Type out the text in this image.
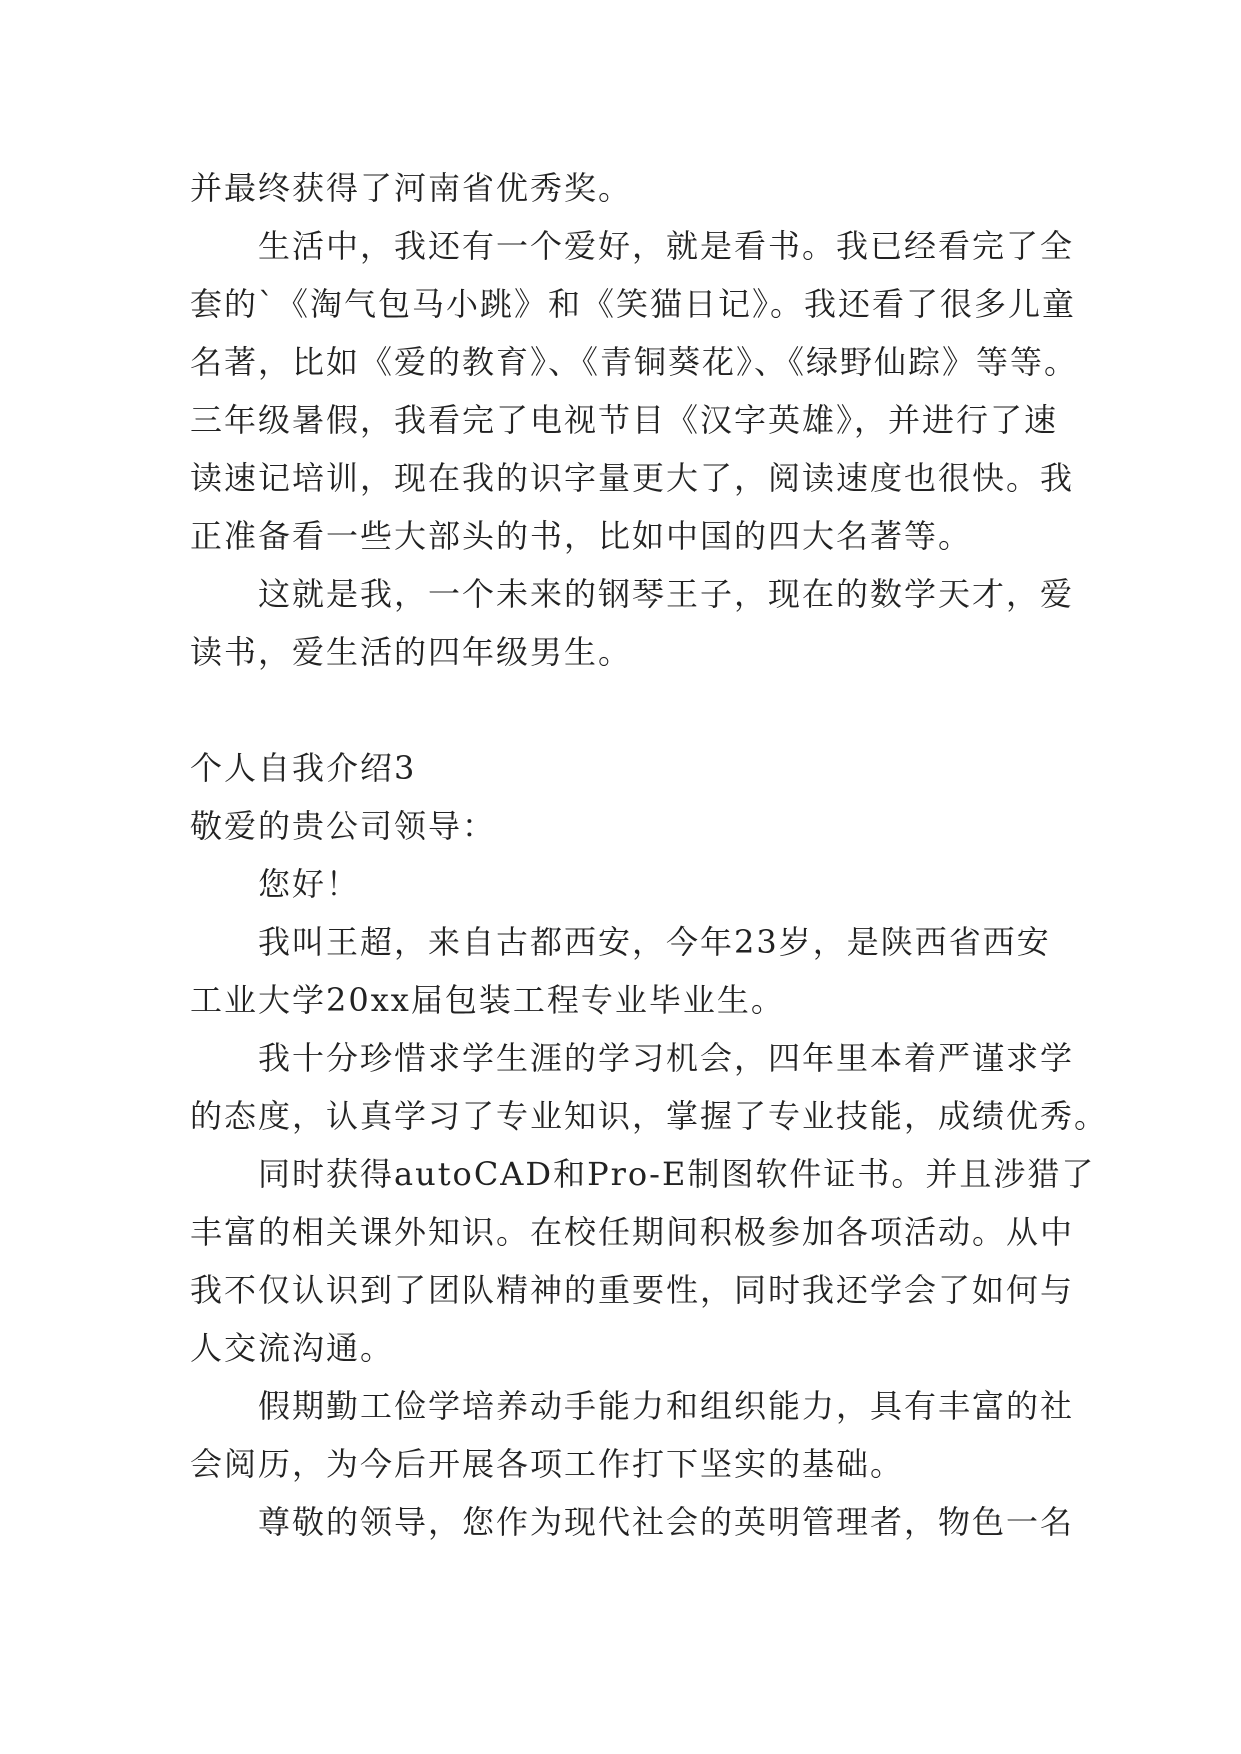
并最终获得了河南省优秀奖。
生活中，我还有一个爱好，就是看书。我已经看完了全
套的`《淘气包马小跳》和《笑猫日记》。我还看了很多儿童
名著，比如《爱的教育》、《青铜葵花》、《绿野仙踪》等等。
三年级暑假，我看完了电视节目《汉字英雄》，并进行了速
读速记培训，现在我的识字量更大了，阅读速度也很快。我
正准备看一些大部头的书，比如中国的四大名著等。
这就是我，一个未来的钢琴王子，现在的数学天才，爱
读书，爱生活的四年级男生。
个人自我介绍3
敬爱的贵公司领导：
您好！
我叫王超，来自古都西安，今年23岁，是陕西省西安
工业大学20xx届包装工程专业毕业生。
我十分珍惜求学生涯的学习机会，四年里本着严谨求学
的态度，认真学习了专业知识，掌握了专业技能，成绩优秀。
同时获得autoCAD和Pro-E制图软件证书。并且涉猎了
丰富的相关课外知识。在校任期间积极参加各项活动。从中
我不仅认识到了团队精神的重要性，同时我还学会了如何与
人交流沟通。
假期勤工俭学培养动手能力和组织能力，具有丰富的社
会阅历，为今后开展各项工作打下坚实的基础。
尊敬的领导，您作为现代社会的英明管理者，物色一名
